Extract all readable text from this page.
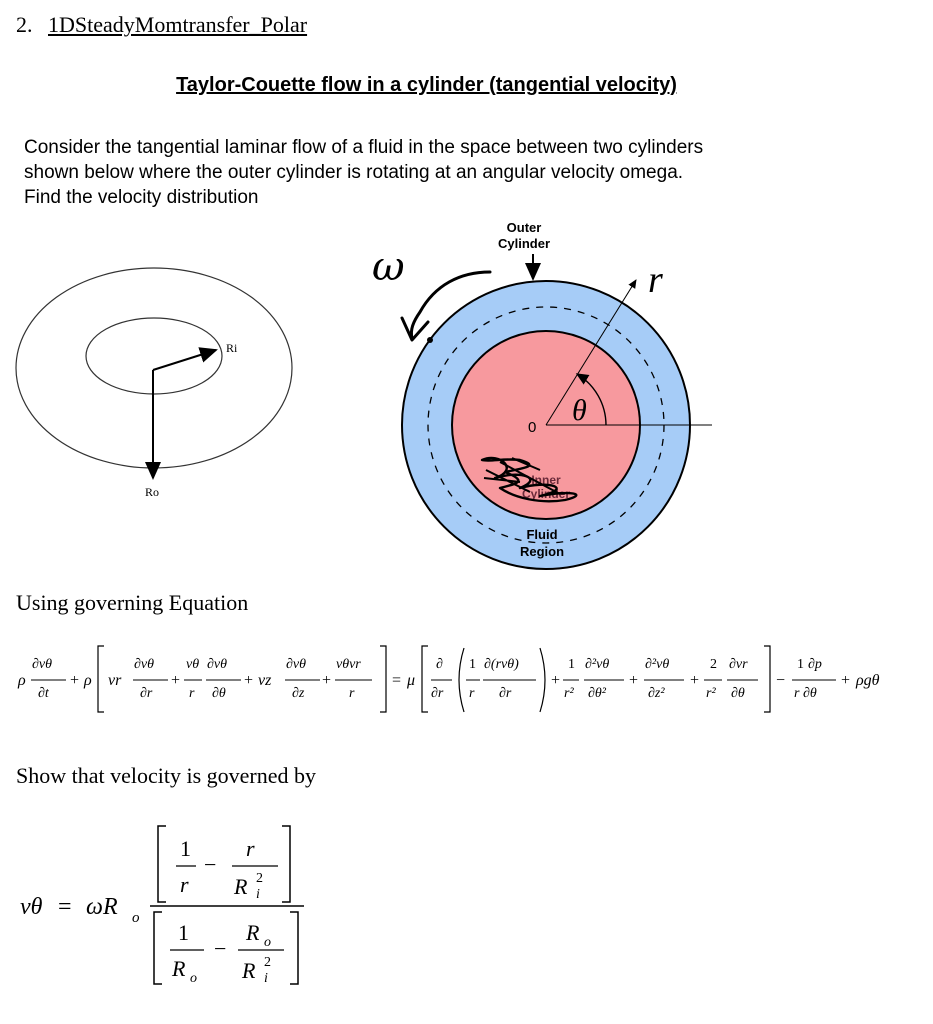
2. 1DSteadyMomtransfer_Polar
Taylor-Couette flow in a cylinder (tangential velocity)
Consider the tangential laminar flow of a fluid in the space between two cylinders shown below where the outer cylinder is rotating at an angular velocity omega. Find the velocity distribution
Ri
Ro
0
θ
r
Outer
Cylinder
Fluid
Region
Inner
Cylinder
ω
Using governing Equation
ρ
∂vθ
∂t
+ ρ vr
∂vθ
∂r
+
vθ
r
∂vθ
∂θ
+ vz
∂vθ
∂z
+
vθvr
r
= μ
∂
∂r
1
r
∂(rvθ)
∂r
+
1
r²
∂²vθ
∂θ²
+
∂²vθ
∂z²
+
2
r²
∂vr
∂θ
−
1 ∂p
r ∂θ
+ ρgθ
vθ = ωR o
1
r
−
r
R 2
i
1
R o
−
R o
R 2
i
Show that velocity is governed by
